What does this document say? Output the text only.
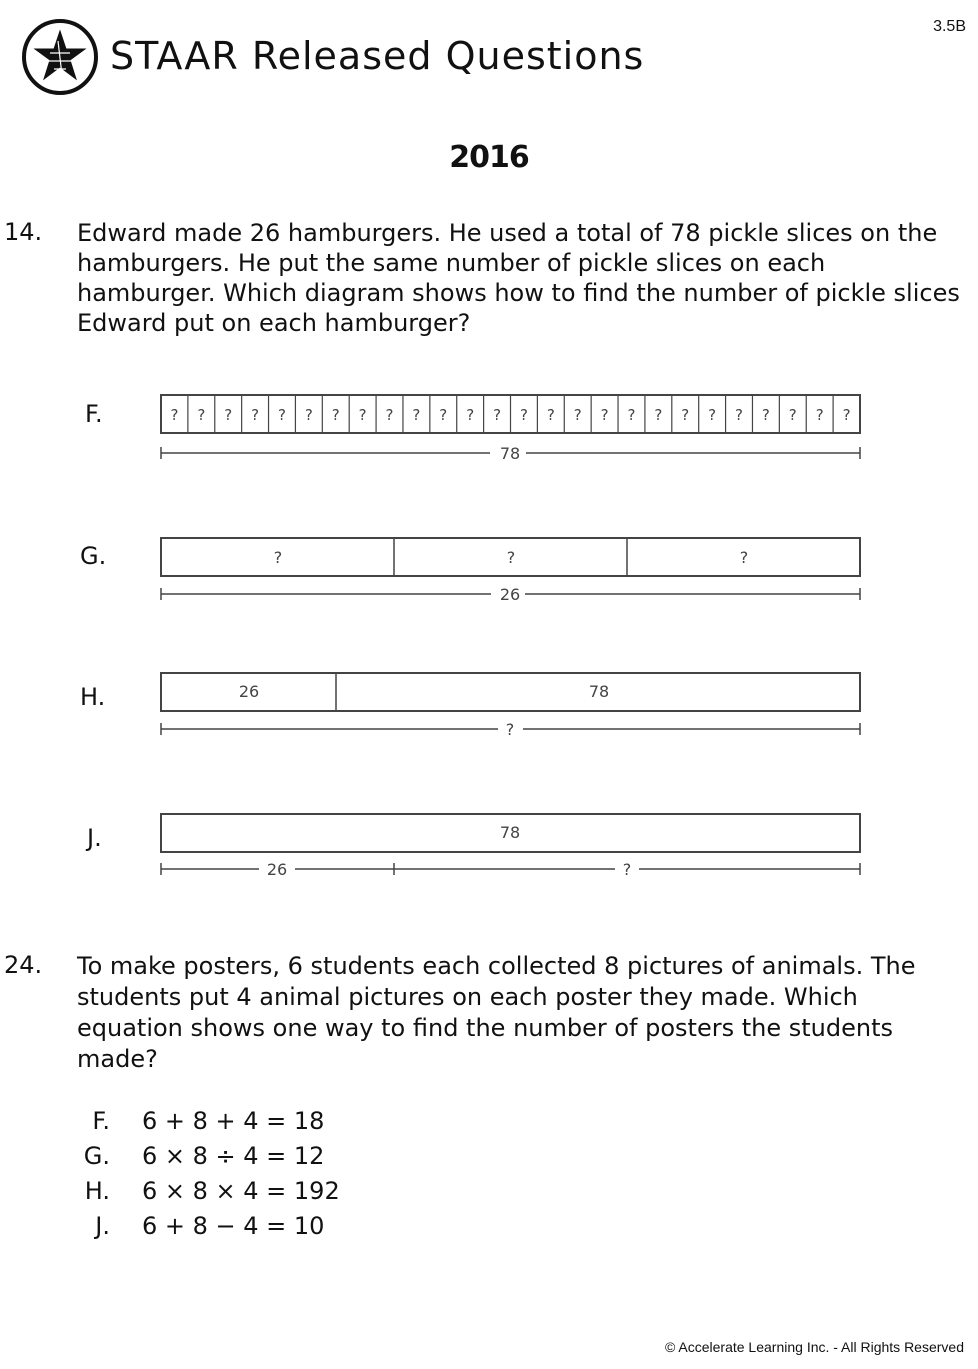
STAAR Released Questions
3.5B
2016
14. Edward made 26 hamburgers. He used a total of 78 pickle slices on the hamburgers. He put the same number of pickle slices on each hamburger. Which diagram shows how to find the number of pickle slices Edward put on each hamburger?
F.	? ? ? ? ? ? ? ? ? ? ? ? ? ? ? ? ? ? ? ? ? ? ? ? ? ?
78
G.	?	?	?
26
H.	26	78
?
J.	78
26	?
24. To make posters, 6 students each collected 8 pictures of animals. The students put 4 animal pictures on each poster they made. Which equation shows one way to find the number of posters the students made?
F. 6 + 8 + 4 = 18
G. 6 × 8 ÷ 4 = 12
H. 6 × 8 × 4 = 192
J. 6 + 8 − 4 = 10
© Accelerate Learning Inc. - All Rights Reserved
